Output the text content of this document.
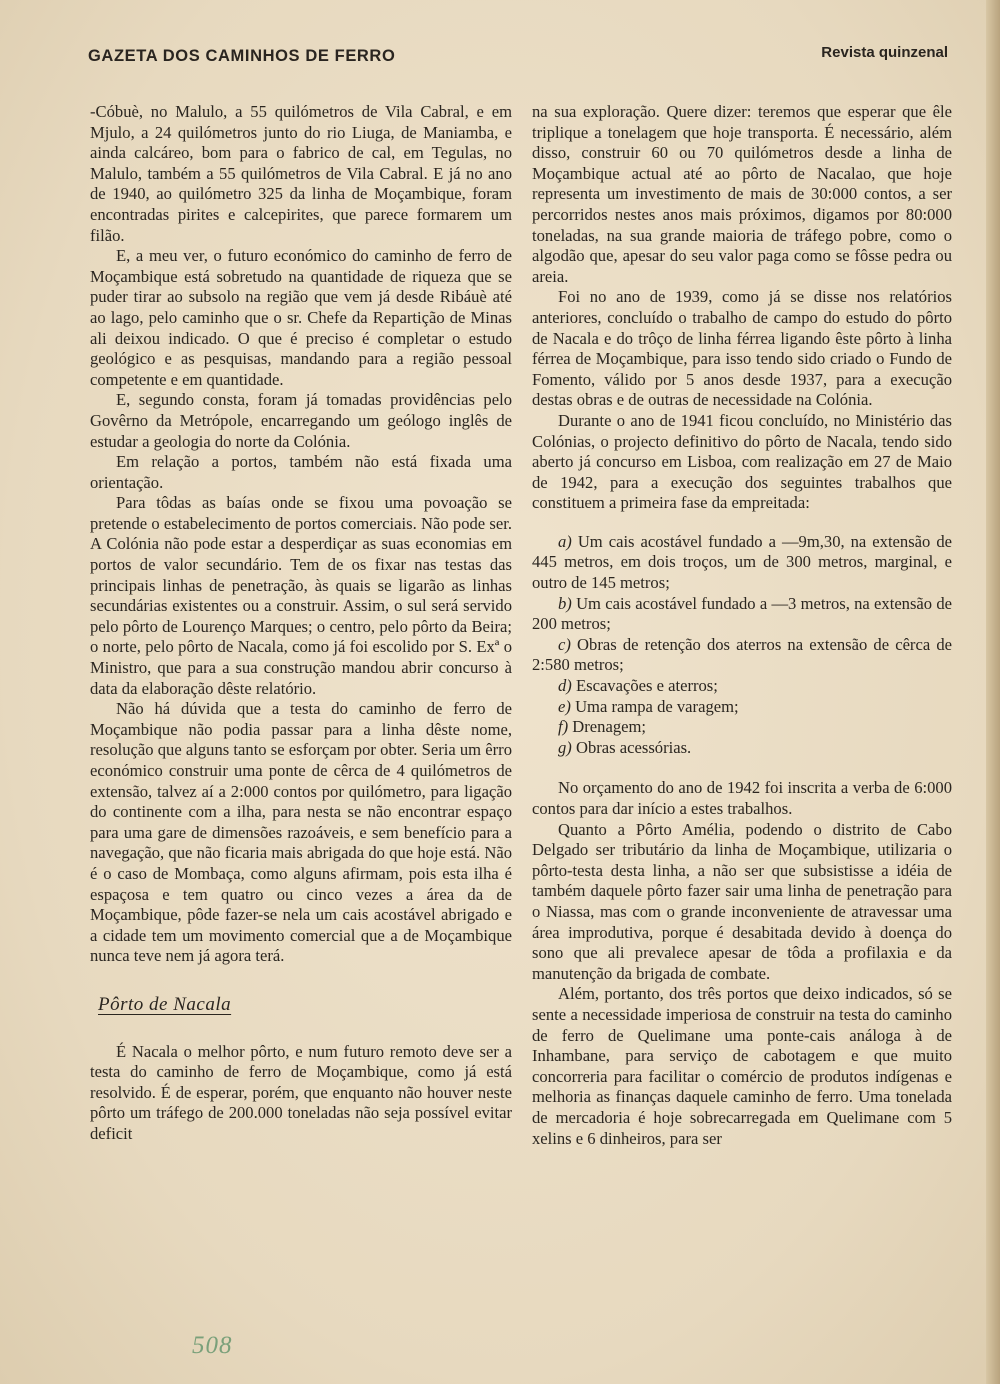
GAZETA DOS CAMINHOS DE FERRO	Revista quinzenal

-Cóbuè, no Malulo, a 55 quilómetros de Vila Cabral, e em Mjulo, a 24 quilómetros junto do rio Liuga, de Maniamba, e ainda calcáreo, bom para o fabrico de cal, em Tegulas, no Malulo, também a 55 quilómetros de Vila Cabral. E já no ano de 1940, ao quilómetro 325 da linha de Moçambique, foram encontradas pirites e calcepirites, que parece formarem um filão.

E, a meu ver, o futuro económico do caminho de ferro de Moçambique está sobretudo na quantidade de riqueza que se puder tirar ao subsolo na região que vem já desde Ribáuè até ao lago, pelo caminho que o sr. Chefe da Repartição de Minas ali deixou indicado. O que é preciso é completar o estudo geológico e as pesquisas, mandando para a região pessoal competente e em quantidade.

E, segundo consta, foram já tomadas providências pelo Govêrno da Metrópole, encarregando um geólogo inglês de estudar a geologia do norte da Colónia.

Em relação a portos, também não está fixada uma orientação.

Para tôdas as baías onde se fixou uma povoação se pretende o estabelecimento de portos comerciais. Não pode ser. A Colónia não pode estar a desperdiçar as suas economias em portos de valor secundário. Tem de os fixar nas testas das principais linhas de penetração, às quais se ligarão as linhas secundárias existentes ou a construir. Assim, o sul será servido pelo pôrto de Lourenço Marques; o centro, pelo pôrto da Beira; o norte, pelo pôrto de Nacala, como já foi escolido por S. Exª o Ministro, que para a sua construção mandou abrir concurso à data da elaboração dêste relatório.

Não há dúvida que a testa do caminho de ferro de Moçambique não podia passar para a linha dêste nome, resolução que alguns tanto se esforçam por obter. Seria um êrro económico construir uma ponte de cêrca de 4 quilómetros de extensão, talvez aí a 2:000 contos por quilómetro, para ligação do continente com a ilha, para nesta se não encontrar espaço para uma gare de dimensões razoáveis, e sem benefício para a navegação, que não ficaria mais abrigada do que hoje está. Não é o caso de Mombaça, como alguns afirmam, pois esta ilha é espaçosa e tem quatro ou cinco vezes a área da de Moçambique, pôde fazer-se nela um cais acostável abrigado e a cidade tem um movimento comercial que a de Moçambique nunca teve nem já agora terá.

Pôrto de Nacala

É Nacala o melhor pôrto, e num futuro remoto deve ser a testa do caminho de ferro de Moçambique, como já está resolvido. É de esperar, porém, que enquanto não houver neste pôrto um tráfego de 200.000 toneladas não seja possível evitar deficit

na sua exploração. Quere dizer: teremos que esperar que êle triplique a tonelagem que hoje transporta. É necessário, além disso, construir 60 ou 70 quilómetros desde a linha de Moçambique actual até ao pôrto de Nacalao, que hoje representa um investimento de mais de 30:000 contos, a ser percorridos nestes anos mais próximos, digamos por 80:000 toneladas, na sua grande maioria de tráfego pobre, como o algodão que, apesar do seu valor paga como se fôsse pedra ou areia.

Foi no ano de 1939, como já se disse nos relatórios anteriores, concluído o trabalho de campo do estudo do pôrto de Nacala e do trôço de linha férrea ligando êste pôrto à linha férrea de Moçambique, para isso tendo sido criado o Fundo de Fomento, válido por 5 anos desde 1937, para a execução destas obras e de outras de necessidade na Colónia.

Durante o ano de 1941 ficou concluído, no Ministério das Colónias, o projecto definitivo do pôrto de Nacala, tendo sido aberto já concurso em Lisboa, com realização em 27 de Maio de 1942, para a execução dos seguintes trabalhos que constituem a primeira fase da empreitada:

a) Um cais acostável fundado a —9m,30, na extensão de 445 metros, em dois troços, um de 300 metros, marginal, e outro de 145 metros;

b) Um cais acostável fundado a —3 metros, na extensão de 200 metros;

c) Obras de retenção dos aterros na extensão de cêrca de 2:580 metros;

d) Escavações e aterros;

e) Uma rampa de varagem;

f) Drenagem;

g) Obras acessórias.

No orçamento do ano de 1942 foi inscrita a verba de 6:000 contos para dar início a estes trabalhos.

Quanto a Pôrto Amélia, podendo o distrito de Cabo Delgado ser tributário da linha de Moçambique, utilizaria o pôrto-testa desta linha, a não ser que subsistisse a idéia de também daquele pôrto fazer sair uma linha de penetração para o Niassa, mas com o grande inconveniente de atravessar uma área improdutiva, porque é desabitada devido à doença do sono que ali prevalece apesar de tôda a profilaxia e da manutenção da brigada de combate.

Além, portanto, dos três portos que deixo indicados, só se sente a necessidade imperiosa de construir na testa do caminho de ferro de Quelimane uma ponte-cais análoga à de Inhambane, para serviço de cabotagem e que muito concorreria para facilitar o comércio de produtos indígenas e melhoria as finanças daquele caminho de ferro. Uma tonelada de mercadoria é hoje sobrecarregada em Quelimane com 5 xelins e 6 dinheiros, para ser

508
